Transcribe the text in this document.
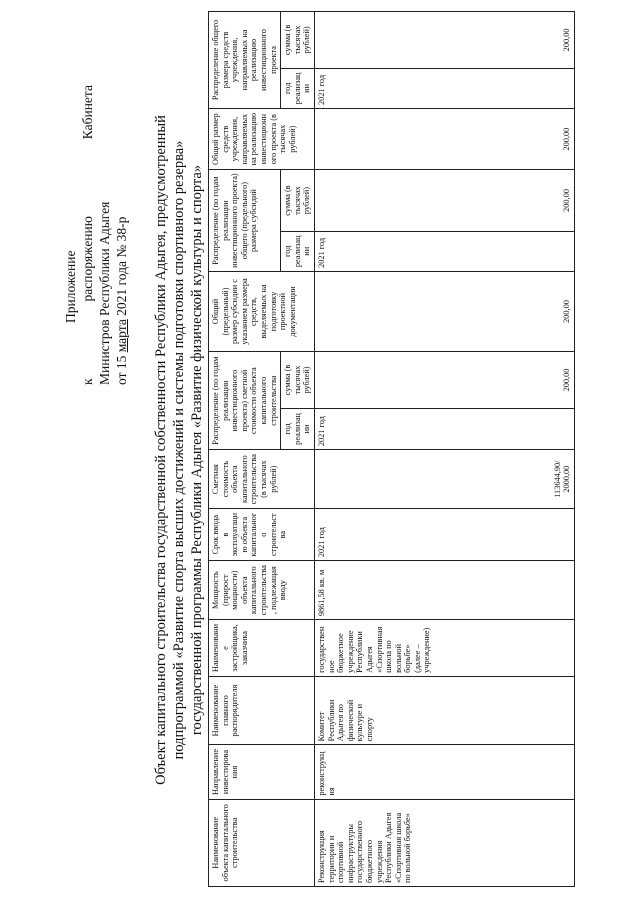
Приложение
к
распоряжению
Кабинета
Министров Республики Адыгея от 15 марта 2021 года № 38-р Объект капитального строительства государственной собственности Республики Адыгея, предусмотренный подпрограммой «Развитие спорта высших достижений и системы подготовки спортивного резерва» государственной программы Республики Адыгея «Развитие физической культуры и спорта»
Наименование объекта капитального строительства	Направление инвестирования	Наименование главного распорядителя	Наименование застройщика, заказчика	Мощность (прирост мощности) объекта капитального строительства, подлежащая вводу	Срок ввода в эксплуатацию объекта капитального строительства	Сметная стоимость объекта капитального строительства (в тысячах рублей)	Распределение (по годам реализации инвестиционного проекта) сметной стоимости объекта капитального строительства		Общий (предельный) размер субсидии с указанием размера средств, выделяемых на подготовку проектной документации	Распределение (по годам реализации инвестиционного проекта) общего (предельного) размера субсидий		Общий размер средств учреждения, направляемых на реализацию инвестиционного проекта (в тысячах рублей)	Распределение общего размера средств учреждения, направляемых на реализацию инвестиционного проекта	
							год реализации	сумма (в тысячах рублей)		год реализации	сумма (в тысячах рублей)		год реализации	сумма (в тысячах рублей)
Реконструкция территории и спортивной инфраструктуры государственного бюджетного учреждения Республики Адыгея «Спортивная школа по вольной борьбе»	реконструкция	Комитет Республики Адыгея по физической культуре и спорту	государственное бюджетное учреждение Республики Адыгея «Спортивная школа по вольной борьбе» (далее – учреждение)	9861,58 кв. м	2021 год	113644,90/ 2000,00	2021 год	200,00	200,00	2021 год	200,00	200,00	2021 год	200,00
